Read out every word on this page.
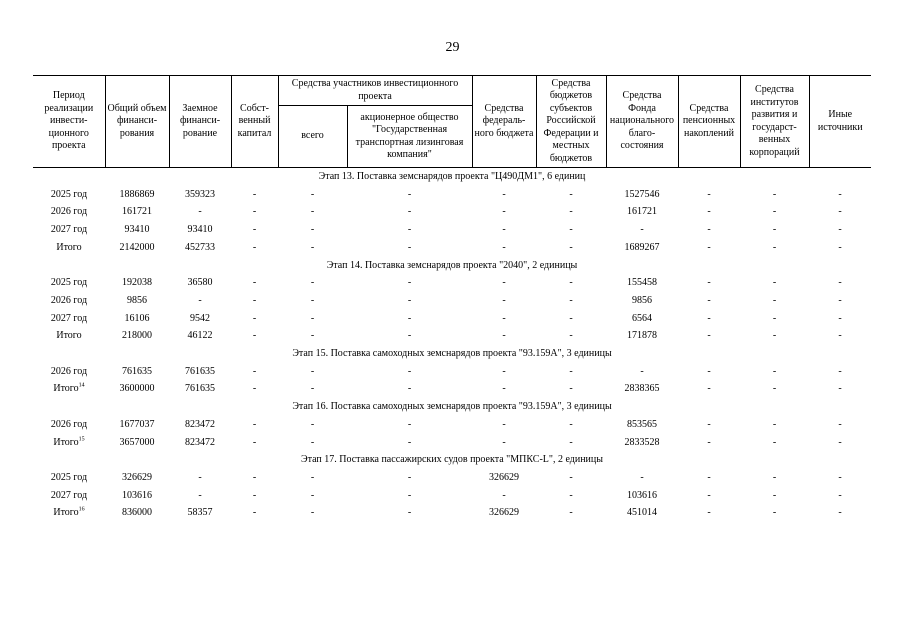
29
Период реализации инвести- ционного проекта	Общий объем финанси- рования	Заемное финанси- рование	Собст- венный капитал	Средства участников инвестиционного проекта		Средства федераль- ного бюджета	Средства бюджетов субъектов Российской Федерации и местных бюджетов	Средства Фонда национального благо- состояния	Средства пенсионных накоплений	Средства институтов развития и государст- венных корпораций	Иные источники
				всего	акционерное общество "Государственная транспортная лизинговая компания"						
Этап 13. Поставка земснарядов проекта "Ц490ДМ1", 6 единиц											
2025 год	1886869	359323	-	-	-	-	-	1527546	-	-	-
2026 год	161721	-	-	-	-	-	-	161721	-	-	-
2027 год	93410	93410	-	-	-	-	-	-	-	-	-
Итого	2142000	452733	-	-	-	-	-	1689267	-	-	-
Этап 14. Поставка земснарядов проекта "2040", 2 единицы											
2025 год	192038	36580	-	-	-	-	-	155458	-	-	-
2026 год	9856	-	-	-	-	-	-	9856	-	-	-
2027 год	16106	9542	-	-	-	-	-	6564	-	-	-
Итого	218000	46122	-	-	-	-	-	171878	-	-	-
Этап 15. Поставка самоходных земснарядов проекта "93.159А", 3 единицы											
2026 год	761635	761635	-	-	-	-	-	-	-	-	-
Итого$^{14}$	3600000	761635	-	-	-	-	-	2838365	-	-	-
Этап 16. Поставка самоходных земснарядов проекта "93.159А", 3 единицы											
2026 год	1677037	823472	-	-	-	-	-	853565	-	-	-
Итого$^{15}$	3657000	823472	-	-	-	-	-	2833528	-	-	-
Этап 17. Поставка пассажирских судов проекта "МПКС-L", 2 единицы											
2025 год	326629	-	-	-	-	326629	-	-	-	-	-
2027 год	103616	-	-	-	-	-	-	103616	-	-	-
Итого$^{16}$	836000	58357	-	-	-	326629	-	451014	-	-	-
